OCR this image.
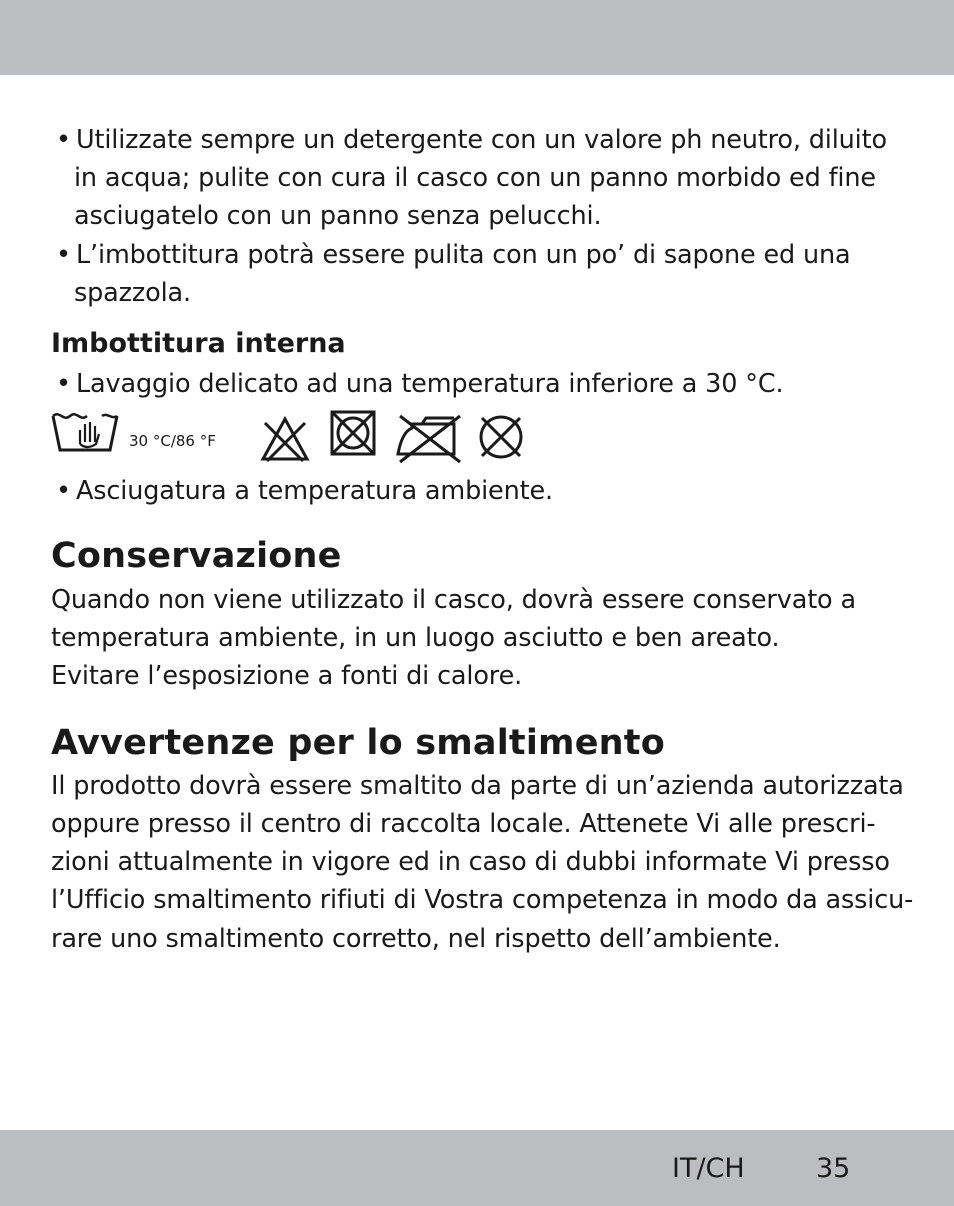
• Utilizzate sempre un detergente con un valore ph neutro, diluito
in acqua; pulite con cura il casco con un panno morbido ed fine
asciugatelo con un panno senza pelucchi.
• L’imbottitura potrà essere pulita con un po’ di sapone ed una
spazzola.
Imbottitura interna
• Lavaggio delicato ad una temperatura inferiore a 30 °C.
30 °C/86 °F
• Asciugatura a temperatura ambiente.
Conservazione
Quando non viene utilizzato il casco, dovrà essere conservato a
temperatura ambiente, in un luogo asciutto e ben areato.
Evitare l’esposizione a fonti di calore.
Avvertenze per lo smaltimento
Il prodotto dovrà essere smaltito da parte di un’azienda autorizzata
oppure presso il centro di raccolta locale. Attenete Vi alle prescri-
zioni attualmente in vigore ed in caso di dubbi informate Vi presso
l’Ufficio smaltimento rifiuti di Vostra competenza in modo da assicu-
rare uno smaltimento corretto, nel rispetto dell’ambiente.
IT/CH	35
